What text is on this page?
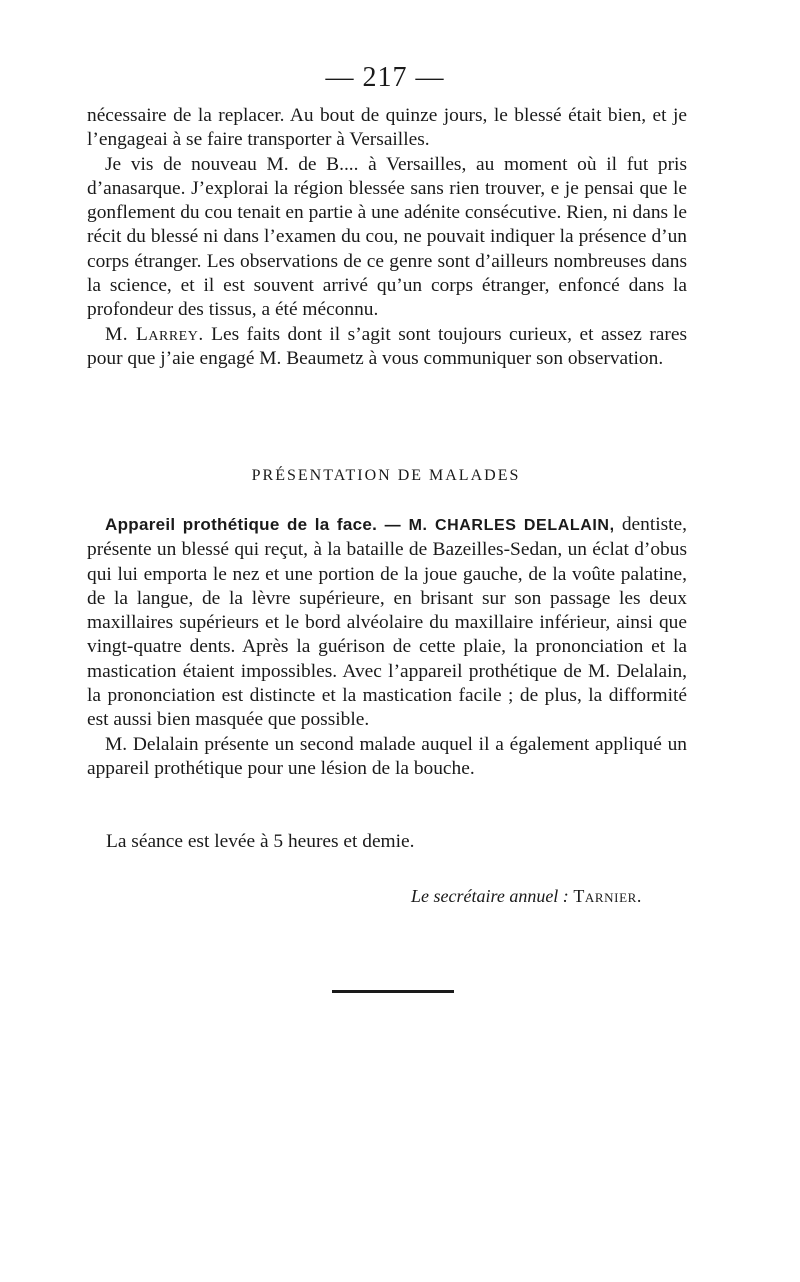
— 217 —

nécessaire de la replacer. Au bout de quinze jours, le blessé était bien, et je l’engageai à se faire transporter à Versailles.

Je vis de nouveau M. de B.... à Versailles, au moment où il fut pris d’anasarque. J’explorai la région blessée sans rien trouver, e je pensai que le gonflement du cou tenait en partie à une adénite consécutive. Rien, ni dans le récit du blessé ni dans l’examen du cou, ne pouvait indiquer la présence d’un corps étranger. Les observations de ce genre sont d’ailleurs nombreuses dans la science, et il est souvent arrivé qu’un corps étranger, enfoncé dans la profondeur des tissus, a été méconnu.

M. Larrey. Les faits dont il s’agit sont toujours curieux, et assez rares pour que j’aie engagé M. Beaumetz à vous communiquer son observation.

PRÉSENTATION DE MALADES

Appareil prothétique de la face. — M. CHARLES DELALAIN, dentiste, présente un blessé qui reçut, à la bataille de Bazeilles-Sedan, un éclat d’obus qui lui emporta le nez et une portion de la joue gauche, de la voûte palatine, de la langue, de la lèvre supérieure, en brisant sur son passage les deux maxillaires supérieurs et le bord alvéolaire du maxillaire inférieur, ainsi que vingt-quatre dents. Après la guérison de cette plaie, la prononciation et la mastication étaient impossibles. Avec l’appareil prothétique de M. Delalain, la prononciation est distincte et la mastication facile ; de plus, la difformité est aussi bien masquée que possible.

M. Delalain présente un second malade auquel il a également appliqué un appareil prothétique pour une lésion de la bouche.

La séance est levée à 5 heures et demie.
Le secrétaire annuel : Tarnier.
